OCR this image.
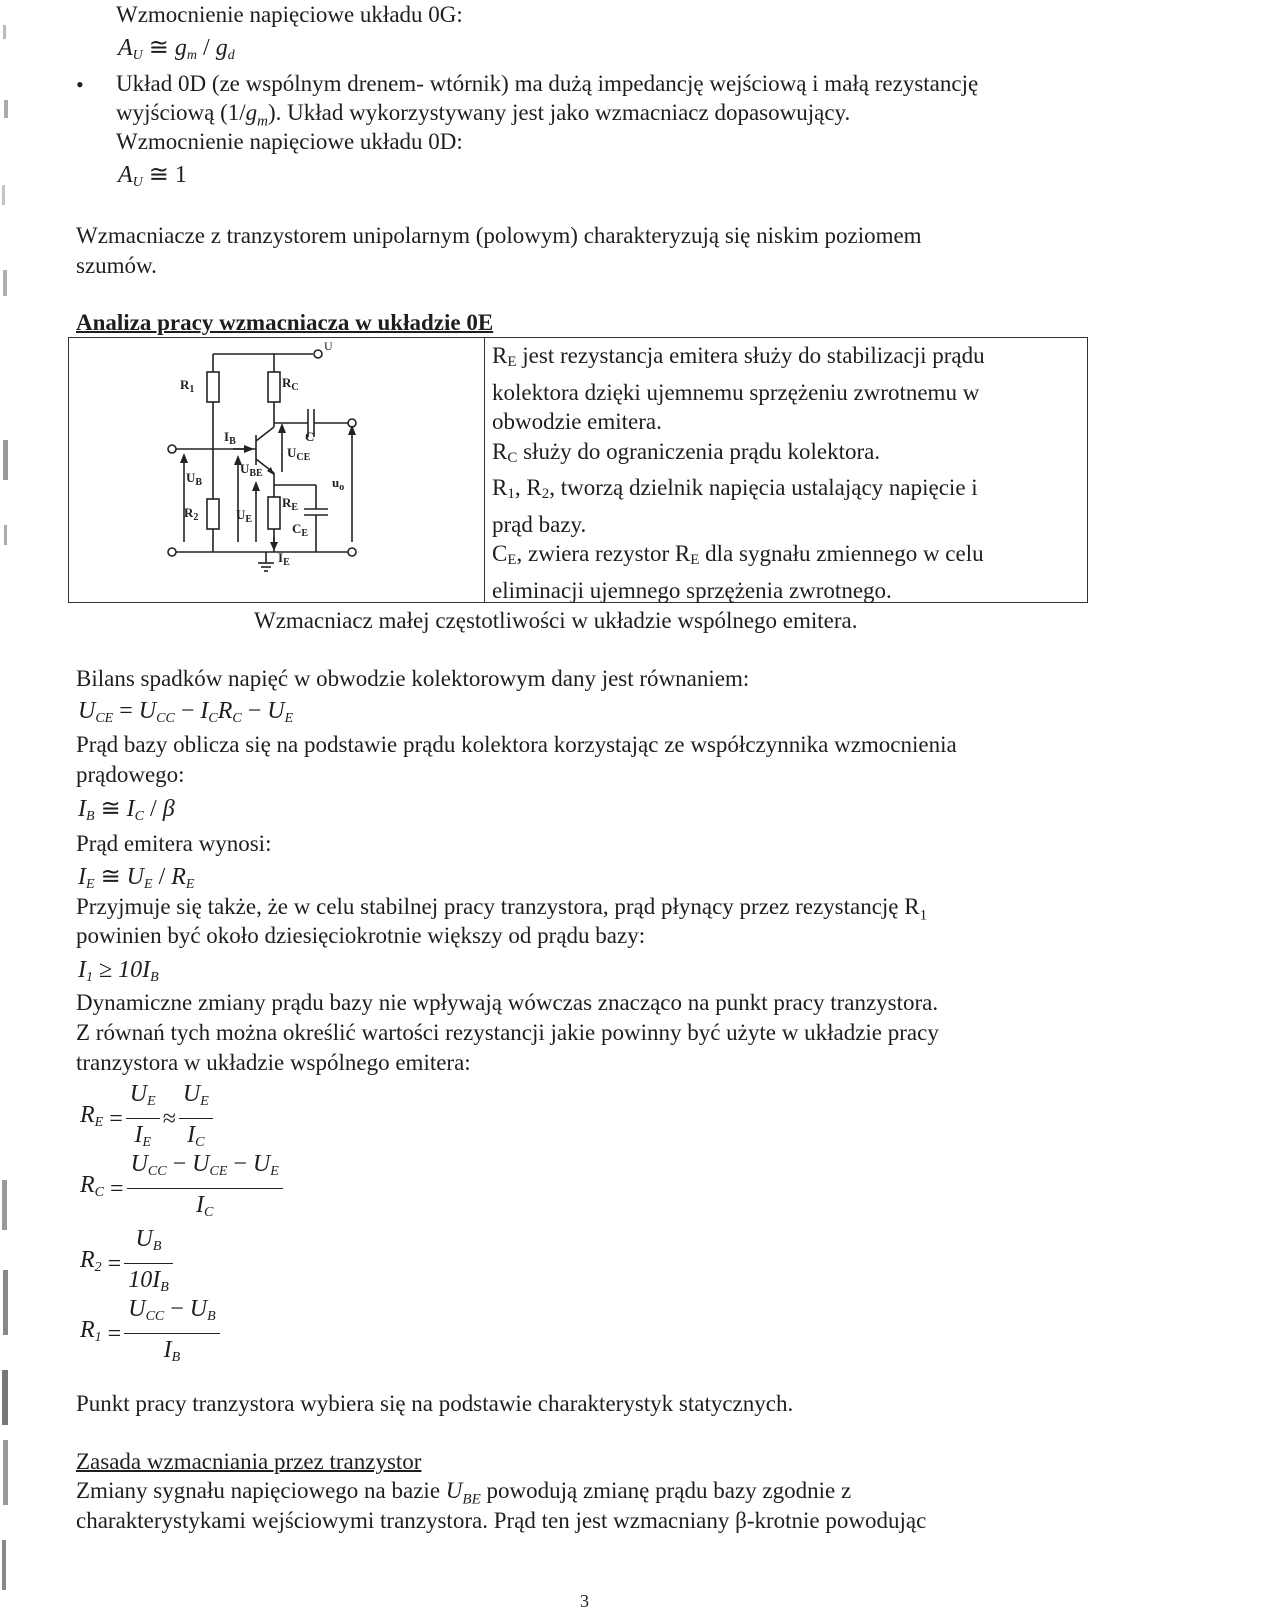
Wzmocnienie napięciowe układu 0G:
$A_U$ ≅ $g_m / g_d$
• Układ 0D (ze wspólnym drenem- wtórnik) ma dużą impedancję wejściową i małą rezystancję
wyjściową $(1/g_m)$. Układ wykorzystywany jest jako wzmacniacz dopasowujący.
Wzmocnienie napięciowe układu 0D:
$A_U$ ≅ 1
Wzmacniacze z tranzystorem unipolarnym (polowym) charakteryzują się niskim poziomem
szumów.
Analiza pracy wzmacniacza w układzie 0E
U
$R_1$	$R_C$
C
$I_B$
$U_{CE}$
$U_B$
$U_{BE}$
$u_o$
$R_E$
$C_E$
$R_2$	$U_E$
$I_E$
$R_E$ jest rezystancja emitera służy do stabilizacji prądu
kolektora dzięki ujemnemu sprzężeniu zwrotnemu w
obwodzie emitera.
$R_C$ służy do ograniczenia prądu kolektora.
$R_1$, $R_2$, tworzą dzielnik napięcia ustalający napięcie i
prąd bazy.
$C_E$, zwiera rezystor $R_E$ dla sygnału zmiennego w celu
eliminacji ujemnego sprzężenia zwrotnego.
Wzmacniacz małej częstotliwości w układzie wspólnego emitera.
Bilans spadków napięć w obwodzie kolektorowym dany jest równaniem:
$U_{CE} = U_{CC} - I_CR_C - U_E$
Prąd bazy oblicza się na podstawie prądu kolektora korzystając ze współczynnika wzmocnienia
prądowego:
$I_B$ ≅ $I_C$ / β
Prąd emitera wynosi:
$I_E$ ≅ $U_E / R_E$
Przyjmuje się także, że w celu stabilnej pracy tranzystora, prąd płynący przez rezystancję $R_1$
powinien być około dziesięciokrotnie większy od prądu bazy:
$I_1 \ge 10I_B$
Dynamiczne zmiany prądu bazy nie wpływają wówczas znacząco na punkt pracy tranzystora.
Z równań tych można określić wartości rezystancji jakie powinny być użyte w układzie pracy
tranzystora w układzie wspólnego emitera:
$R_E = \frac{U_E}{I_E} \approx \frac{U_E}{I_C}$
$R_C = \frac{U_{CC} - U_{CE} - U_E}{I_C}$
$R_2 = \frac{U_B}{10I_B}$
$R_1 = \frac{U_{CC} - U_B}{I_B}$
Punkt pracy tranzystora wybiera się na podstawie charakterystyk statycznych.
Zasada wzmacniania przez tranzystor
Zmiany sygnału napięciowego na bazie $U_{BE}$ powodują zmianę prądu bazy zgodnie z
charakterystykami wejściowymi tranzystora. Prąd ten jest wzmacniany β-krotnie powodując
3
